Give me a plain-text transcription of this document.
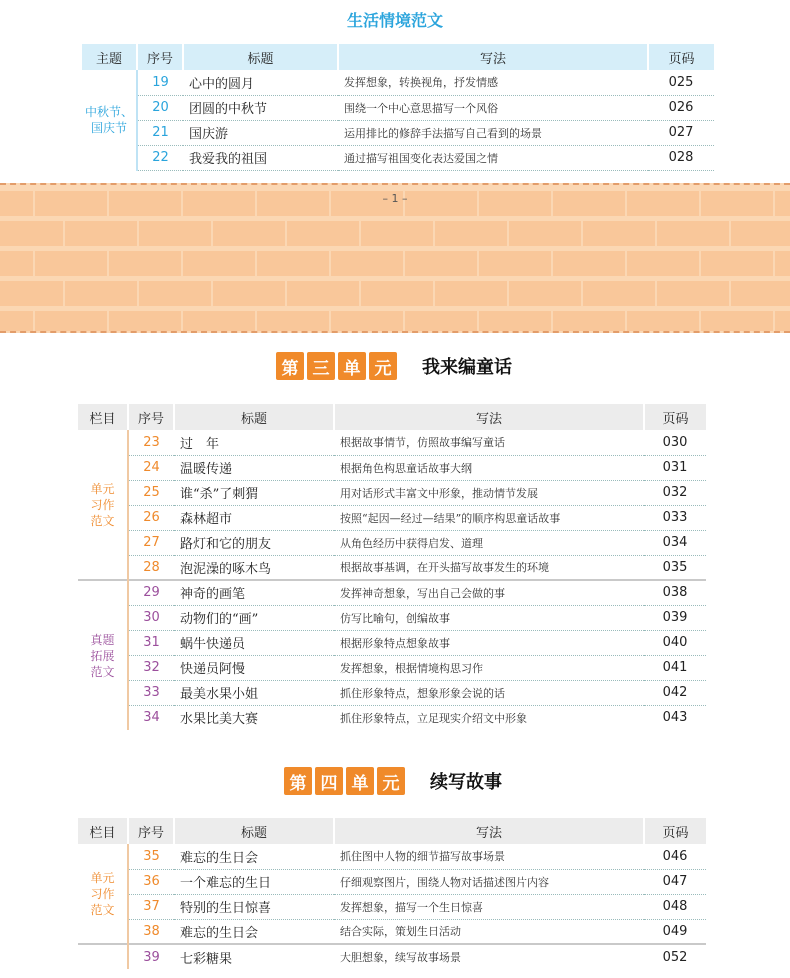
生活情境范文
主题	序号	标题	写法	页码
中秋节、国庆节	19	心中的圆月	发挥想象，转换视角，抒发情感	025
	20	团圆的中秋节	围绕一个中心意思描写一个风俗	026
	21	国庆游	运用排比的修辞手法描写自己看到的场景	027
	22	我爱我的祖国	通过描写祖国变化表达爱国之情	028
– 1 –
第 三 单 元	我来编童话
栏目	序号	标题	写法	页码
单元习作范文	23	过　年	根据故事情节，仿照故事编写童话	030
	24	温暖传递	根据角色构思童话故事大纲	031
	25	谁“杀”了刺猬	用对话形式丰富文中形象，推动情节发展	032
	26	森林超市	按照“起因—经过—结果”的顺序构思童话故事	033
	27	路灯和它的朋友	从角色经历中获得启发、道理	034
	28	泡泥澡的啄木鸟	根据故事基调，在开头描写故事发生的环境	035
真题拓展范文	29	神奇的画笔	发挥神奇想象，写出自己会做的事	038
	30	动物们的“画”	仿写比喻句，创编故事	039
	31	蜗牛快递员	根据形象特点想象故事	040
	32	快递员阿慢	发挥想象，根据情境构思习作	041
	33	最美水果小姐	抓住形象特点，想象形象会说的话	042
	34	水果比美大赛	抓住形象特点，立足现实介绍文中形象	043
第 四 单 元	续写故事
栏目	序号	标题	写法	页码
单元习作范文	35	难忘的生日会	抓住图中人物的细节描写故事场景	046
	36	一个难忘的生日	仔细观察图片，围绕人物对话描述图片内容	047
	37	特别的生日惊喜	发挥想象，描写一个生日惊喜	048
	38	难忘的生日会	结合实际，策划生日活动	049
	39	七彩糖果	大胆想象，续写故事场景	052
